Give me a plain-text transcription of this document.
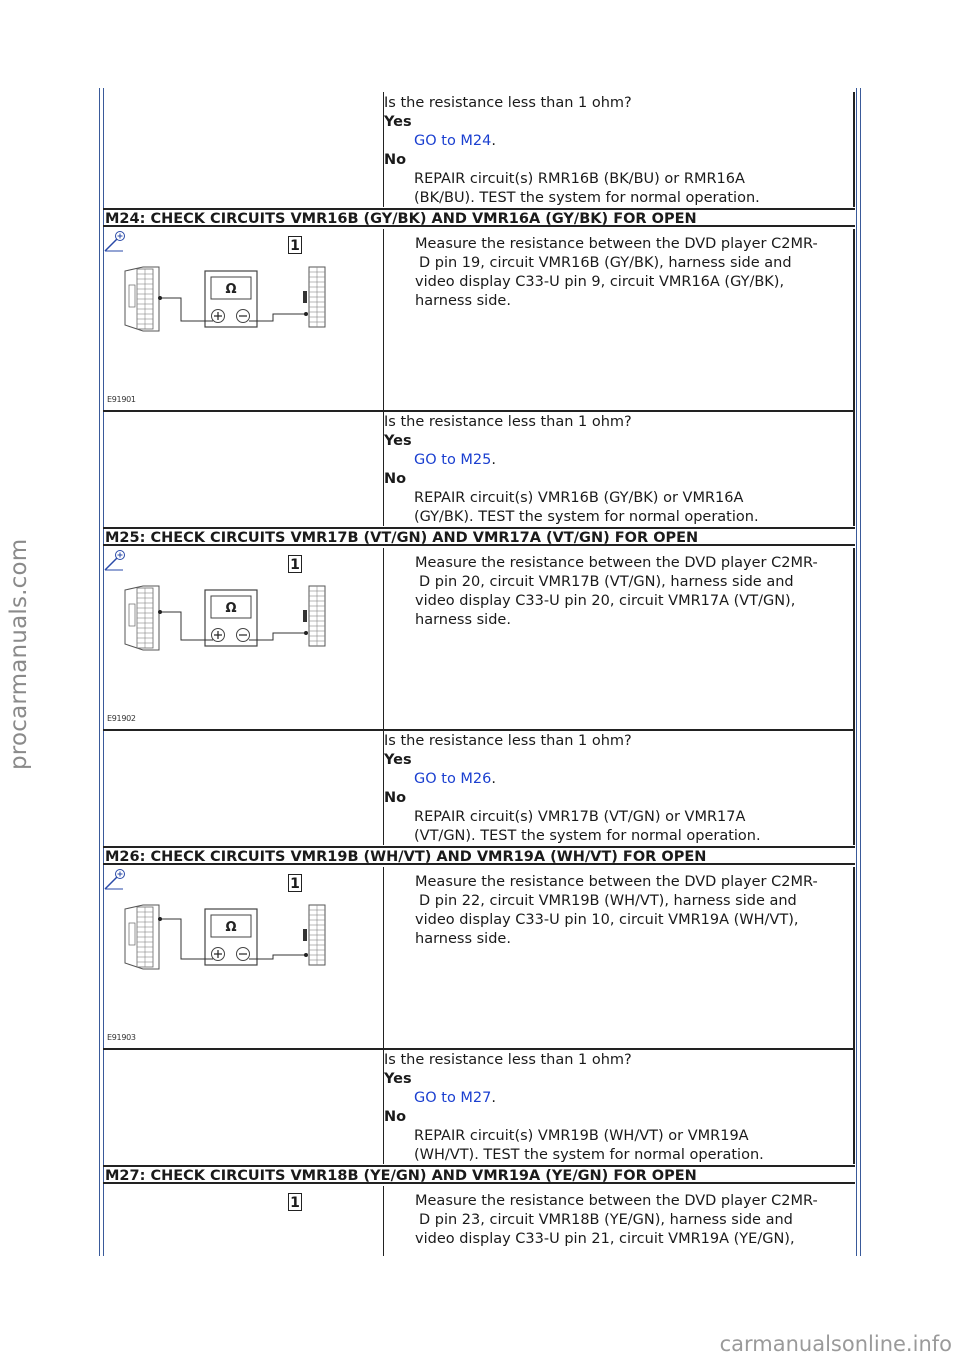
procarmanuals.com
Is the resistance less than 1 ohm?
Yes
GO to M24.
No
REPAIR circuit(s) RMR16B (BK/BU) or RMR16A
(BK/BU). TEST the system for normal operation.
M24: CHECK CIRCUITS VMR16B (GY/BK) AND VMR16A (GY/BK) FOR OPEN
Ω
E91901
1	Measure the resistance between the DVD player C2MR-
D pin 19, circuit VMR16B (GY/BK), harness side and
video display C33-U pin 9, circuit VMR16A (GY/BK),
harness side.
Is the resistance less than 1 ohm?
Yes
GO to M25.
No
REPAIR circuit(s) VMR16B (GY/BK) or VMR16A
(GY/BK). TEST the system for normal operation.
M25: CHECK CIRCUITS VMR17B (VT/GN) AND VMR17A (VT/GN) FOR OPEN
Ω
E91902
1	Measure the resistance between the DVD player C2MR-
D pin 20, circuit VMR17B (VT/GN), harness side and
video display C33-U pin 20, circuit VMR17A (VT/GN),
harness side.
Is the resistance less than 1 ohm?
Yes
GO to M26.
No
REPAIR circuit(s) VMR17B (VT/GN) or VMR17A
(VT/GN). TEST the system for normal operation.
M26: CHECK CIRCUITS VMR19B (WH/VT) AND VMR19A (WH/VT) FOR OPEN
Ω
E91903
1	Measure the resistance between the DVD player C2MR-
D pin 22, circuit VMR19B (WH/VT), harness side and
video display C33-U pin 10, circuit VMR19A (WH/VT),
harness side.
Is the resistance less than 1 ohm?
Yes
GO to M27.
No
REPAIR circuit(s) VMR19B (WH/VT) or VMR19A
(WH/VT). TEST the system for normal operation.
M27: CHECK CIRCUITS VMR18B (YE/GN) AND VMR19A (YE/GN) FOR OPEN
1	Measure the resistance between the DVD player C2MR-
D pin 23, circuit VMR18B (YE/GN), harness side and
video display C33-U pin 21, circuit VMR19A (YE/GN),
carmanualsonline.info
